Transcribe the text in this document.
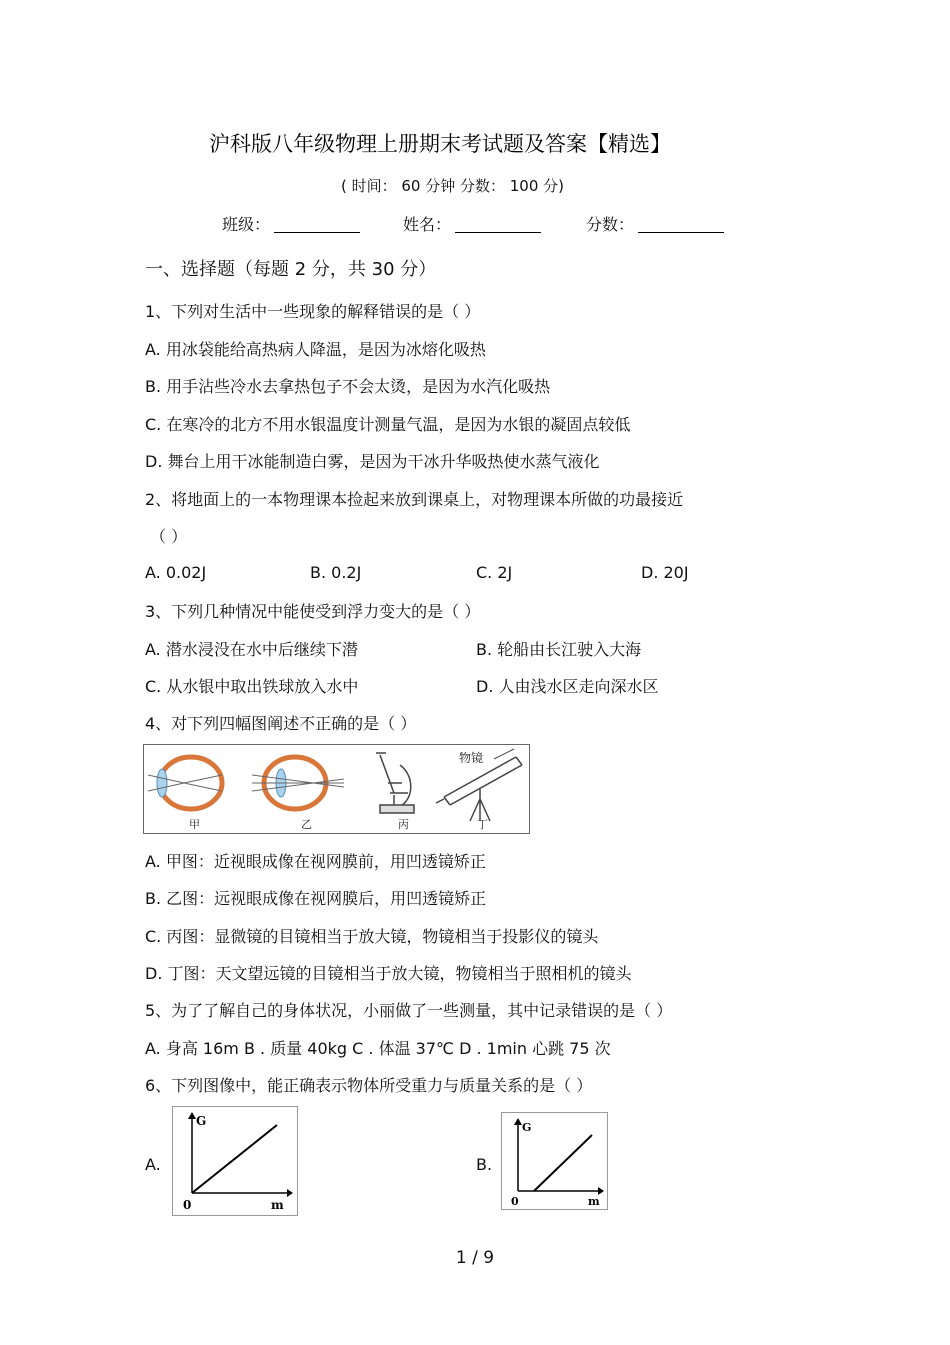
沪科版八年级物理上册期末考试题及答案【精选】
( 时间： 60 分钟 分数： 100 分)
班级：	姓名：	分数：
一、选择题（每题 2 分，共 30 分）
1、下列对生活中一些现象的解释错误的是（ ）
A. 用冰袋能给高热病人降温，是因为冰熔化吸热
B. 用手沾些冷水去拿热包子不会太烫，是因为水汽化吸热
C. 在寒冷的北方不用水银温度计测量气温，是因为水银的凝固点较低
D. 舞台上用干冰能制造白雾，是因为干冰升华吸热使水蒸气液化
2、将地面上的一本物理课本捡起来放到课桌上，对物理课本所做的功最接近
（ ）
A. 0.02J	B. 0.2J	C. 2J	D. 20J
3、下列几种情况中能使受到浮力变大的是（ ）
A. 潜水浸没在水中后继续下潜	B. 轮船由长江驶入大海
C. 从水银中取出铁球放入水中	D. 人由浅水区走向深水区
4、对下列四幅图阐述不正确的是（ ）
物镜
甲	乙	丙	丁
A. 甲图：近视眼成像在视网膜前，用凹透镜矫正
B. 乙图：远视眼成像在视网膜后，用凹透镜矫正
C. 丙图：显微镜的目镜相当于放大镜，物镜相当于投影仪的镜头
D. 丁图：天文望远镜的目镜相当于放大镜，物镜相当于照相机的镜头
5、为了了解自己的身体状况，小丽做了一些测量，其中记录错误的是（ ）
A. 身高 16m B . 质量 40kg C . 体温 37℃ D . 1min 心跳 75 次
6、下列图像中，能正确表示物体所受重力与质量关系的是（ ）
A.	B.
G
m
0
G
m
0
1 / 9
